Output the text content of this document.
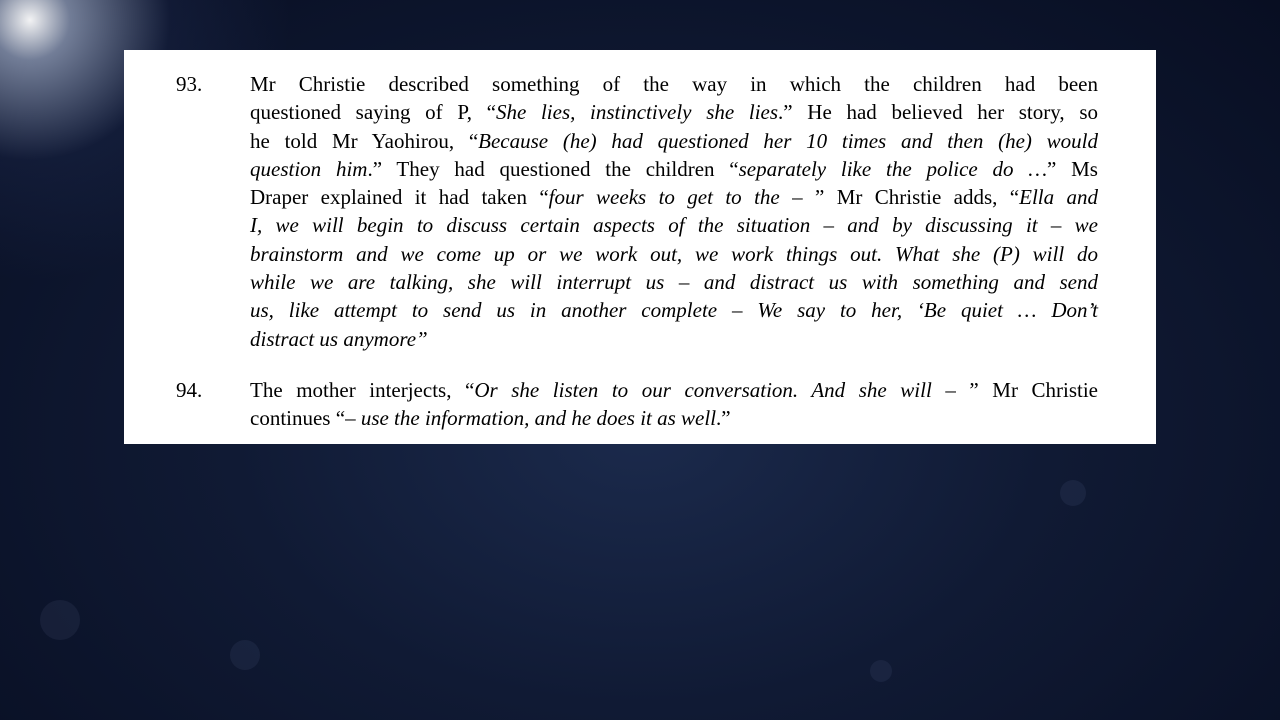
93. Mr Christie described something of the way in which the children had been
questioned saying of P, “She lies, instinctively she lies.” He had believed her story, so
he told Mr Yaohirou, “Because (he) had questioned her 10 times and then (he) would
question him.” They had questioned the children “separately like the police do …” Ms
Draper explained it had taken “four weeks to get to the – ” Mr Christie adds, “Ella and
I, we will begin to discuss certain aspects of the situation – and by discussing it – we
brainstorm and we come up or we work out, we work things out. What she (P) will do
while we are talking, she will interrupt us – and distract us with something and send
us, like attempt to send us in another complete – We say to her, ‘Be quiet … Don’t
distract us anymore”
94. The mother interjects, “Or she listen to our conversation. And she will – ” Mr Christie
continues “– use the information, and he does it as well.”
